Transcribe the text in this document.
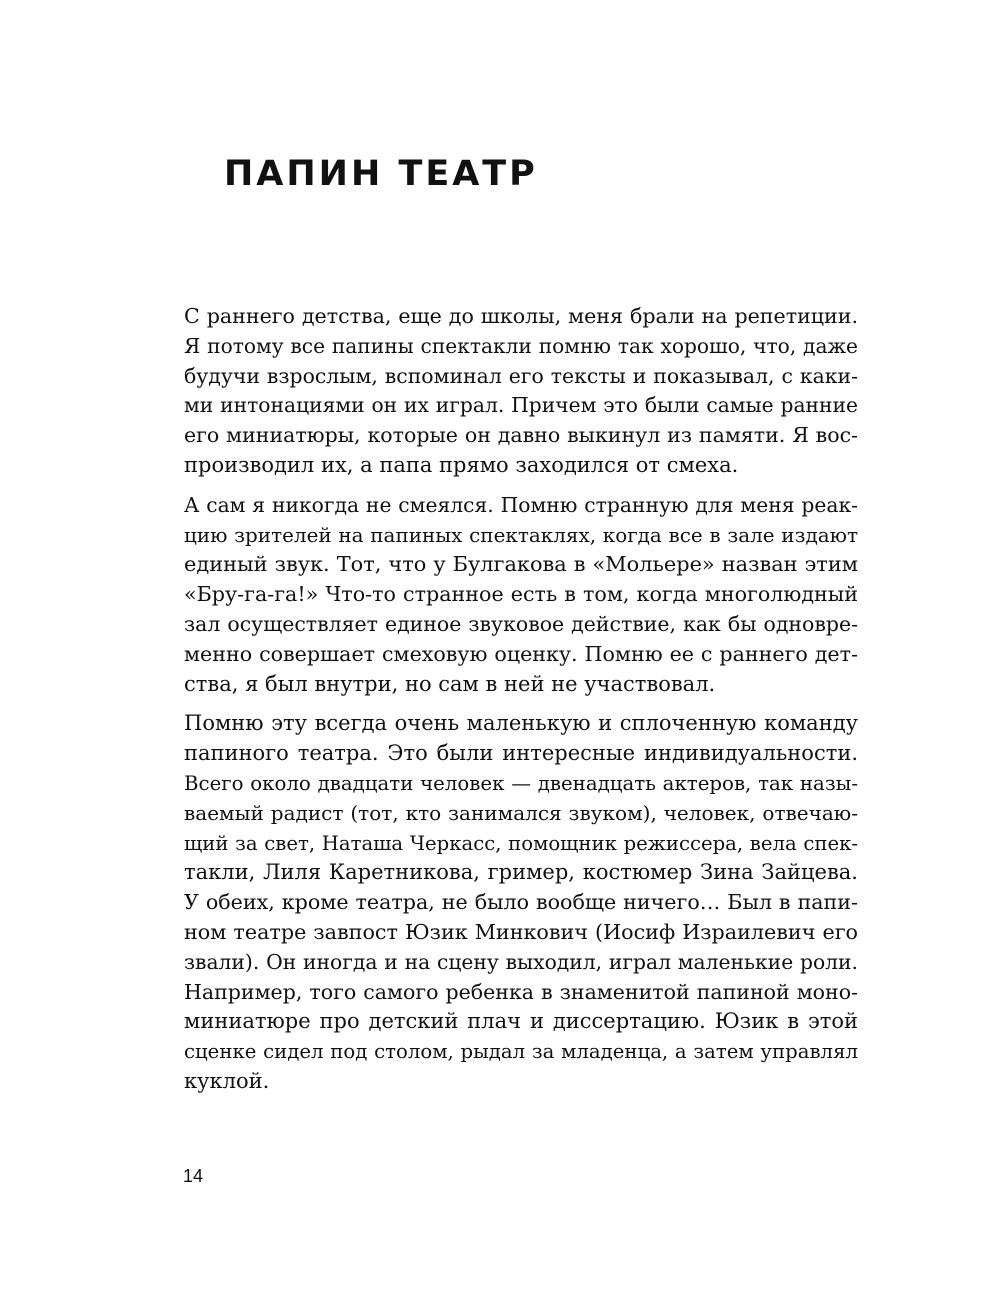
ПАПИН ТЕАТР

С раннего детства, еще до школы, меня брали на репетиции.
Я потому все папины спектакли помню так хорошо, что, даже
будучи взрослым, вспоминал его тексты и показывал, с каки-
ми интонациями он их играл. Причем это были самые ранние
его миниатюры, которые он давно выкинул из памяти. Я вос-
производил их, а папа прямо заходился от смеха.

А сам я никогда не смеялся. Помню странную для меня реак-
цию зрителей на папиных спектаклях, когда все в зале издают
единый звук. Тот, что у Булгакова в «Мольере» назван этим
«Бру-га-га!» Что-то странное есть в том, когда многолюдный
зал осуществляет единое звуковое действие, как бы одновре-
менно совершает смеховую оценку. Помню ее с раннего дет-
ства, я был внутри, но сам в ней не участвовал.

Помню эту всегда очень маленькую и сплоченную команду
папиного театра. Это были интересные индивидуальности.
Всего около двадцати человек — двенадцать актеров, так назы-
ваемый радист (тот, кто занимался звуком), человек, отвечаю-
щий за свет, Наташа Черкасс, помощник режиссера, вела спек-
такли, Лиля Каретникова, гример, костюмер Зина Зайцева.
У обеих, кроме театра, не было вообще ничего… Был в папи-
ном театре завпост Юзик Минкович (Иосиф Израилевич его
звали). Он иногда и на сцену выходил, играл маленькие роли.
Например, того самого ребенка в знаменитой папиной моно-
миниатюре про детский плач и диссертацию. Юзик в этой
сценке сидел под столом, рыдал за младенца, а затем управлял
куклой.

14
